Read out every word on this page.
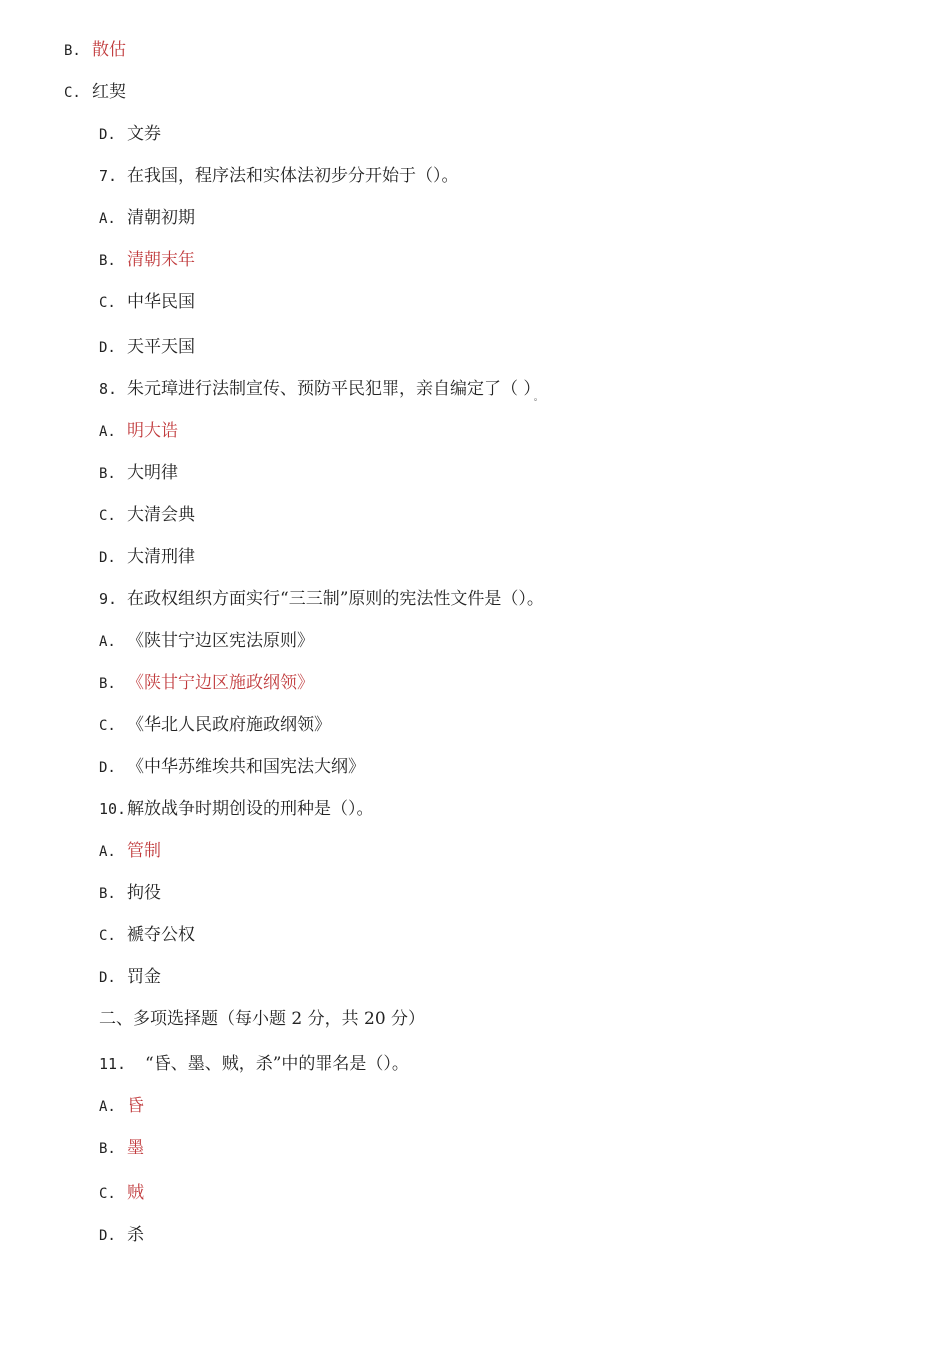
B. 散估
C. 红契
D. 文券
7. 在我国，程序法和实体法初步分开始于（）。
A. 清朝初期
B. 清朝末年
C. 中华民国
D. 天平天国
8. 朱元璋进行法制宣传、预防平民犯罪，亲自编定了（ ） $_。$
A. 明大诰
B. 大明律
C. 大清会典
D. 大清刑律
9. 在政权组织方面实行“三三制”原则的宪法性文件是（）。
A. 《陕甘宁边区宪法原则》
B. 《陕甘宁边区施政纲领》
C. 《华北人民政府施政纲领》
D. 《中华苏维埃共和国宪法大纲》
10.解放战争时期创设的刑种是（）。
A. 管制
B. 拘役
C. 褫夺公权
D. 罚金
二、多项选择题（每小题 2 分，共 20 分）
11. “昏、墨、贼，杀”中的罪名是（）。
A. 昏
B. 墨
C. 贼
D. 杀
